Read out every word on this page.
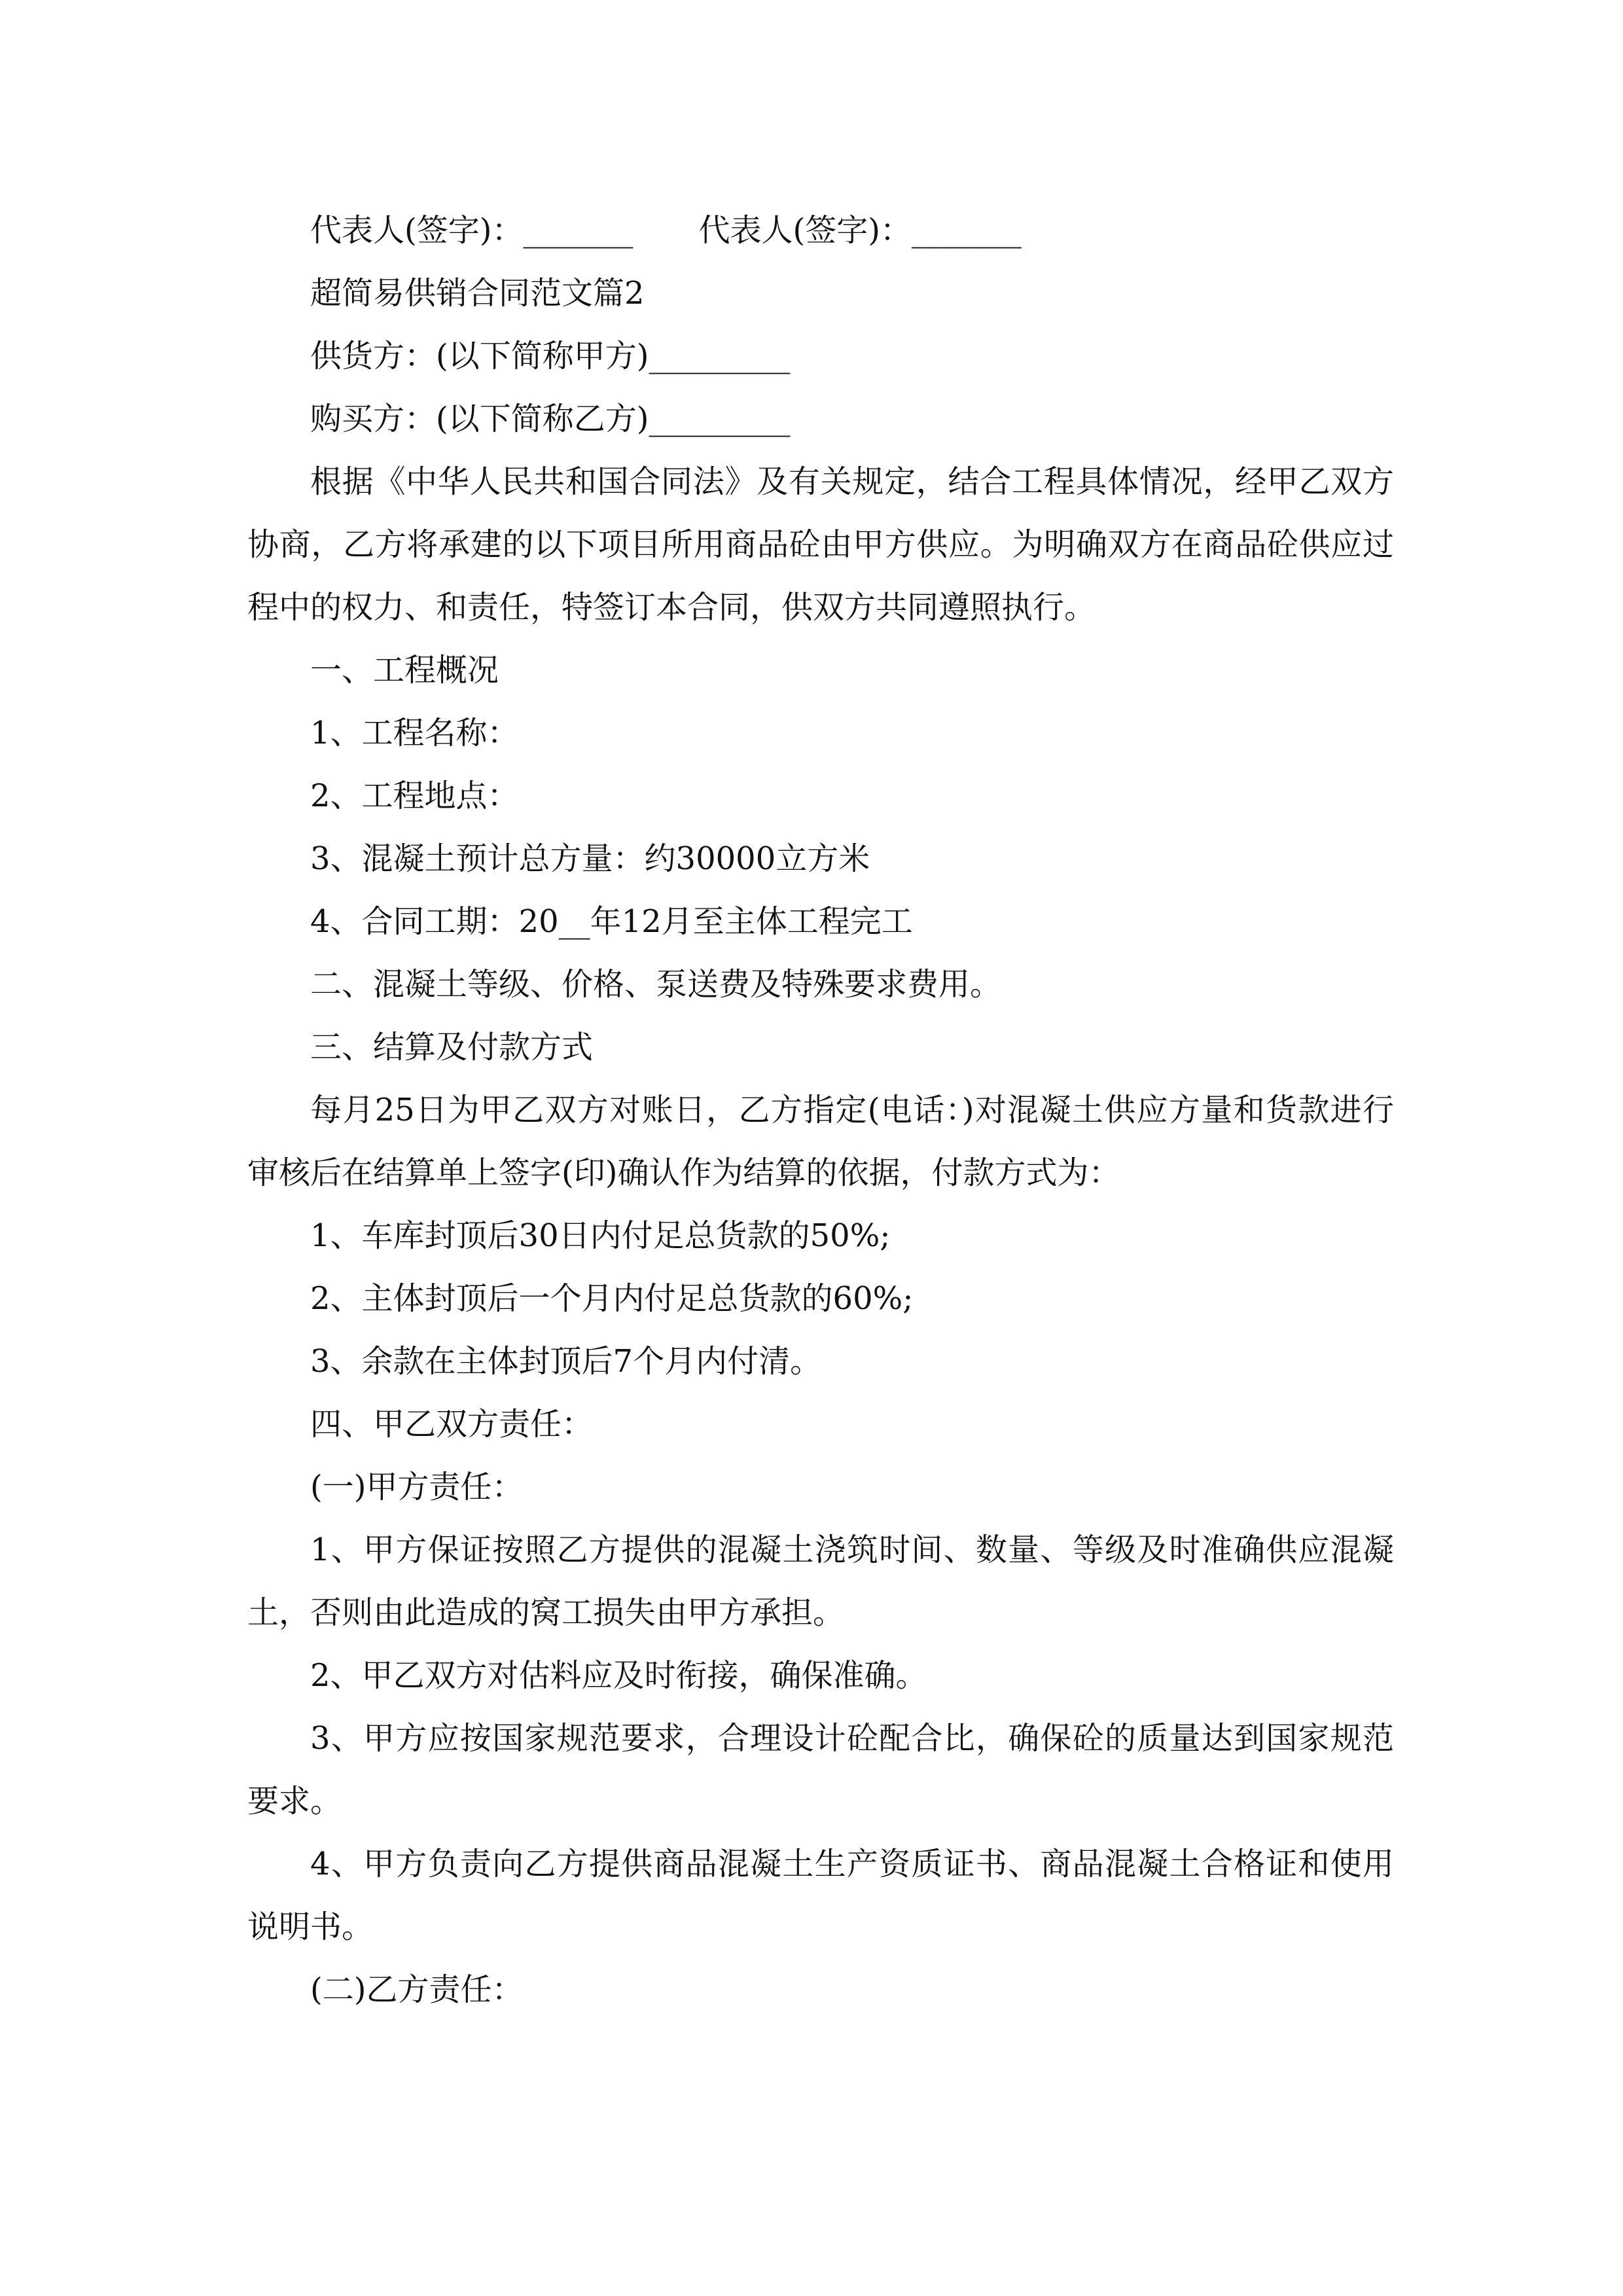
代表人(签字)：_______ 代表人(签字)：_______

超简易供销合同范文篇2

供货方：(以下简称甲方)_________

购买方：(以下简称乙方)_________

根据《中华人民共和国合同法》及有关规定，结合工程具体情况，经甲乙双方协商，乙方将承建的以下项目所用商品砼由甲方供应。为明确双方在商品砼供应过程中的权力、和责任，特签订本合同，供双方共同遵照执行。

一、工程概况

1、工程名称：

2、工程地点：

3、混凝土预计总方量：约30000立方米

4、合同工期：20__年12月至主体工程完工

二、混凝土等级、价格、泵送费及特殊要求费用。

三、结算及付款方式

每月25日为甲乙双方对账日，乙方指定(电话：)对混凝土供应方量和货款进行审核后在结算单上签字(印)确认作为结算的依据，付款方式为：

1、车库封顶后30日内付足总货款的50%;

2、主体封顶后一个月内付足总货款的60%;

3、余款在主体封顶后7个月内付清。

四、甲乙双方责任：

(一)甲方责任：

1、甲方保证按照乙方提供的混凝土浇筑时间、数量、等级及时准确供应混凝土，否则由此造成的窝工损失由甲方承担。

2、甲乙双方对估料应及时衔接，确保准确。

3、甲方应按国家规范要求，合理设计砼配合比，确保砼的质量达到国家规范要求。

4、甲方负责向乙方提供商品混凝土生产资质证书、商品混凝土合格证和使用说明书。

(二)乙方责任：
